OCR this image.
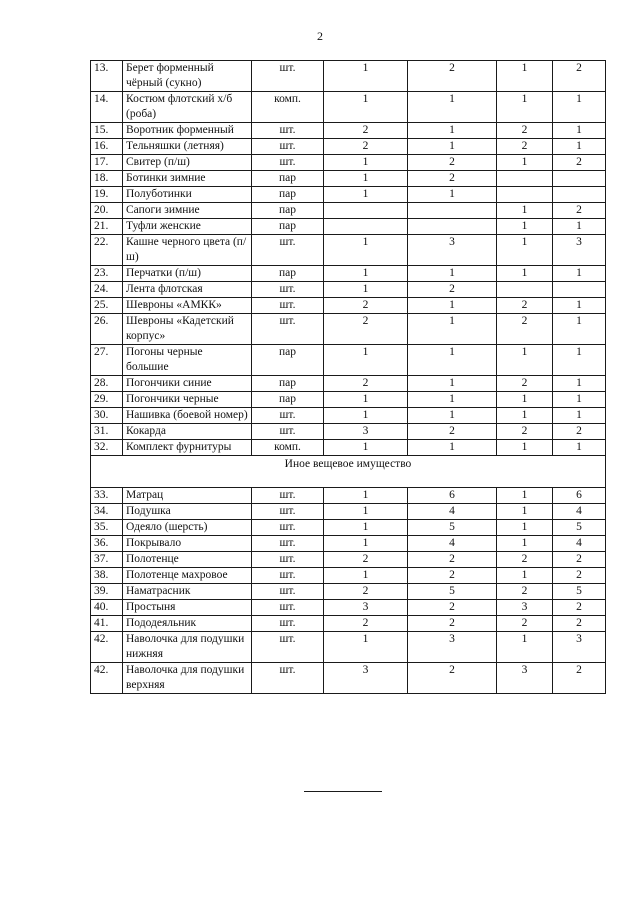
2
13.	Берет форменный чёрный (сукно)	шт.	1	2	1	2
14.	Костюм флотский х/б (роба)	комп.	1	1	1	1
15.	Воротник форменный	шт.	2	1	2	1
16.	Тельняшки (летняя)	шт.	2	1	2	1
17.	Свитер (п/ш)	шт.	1	2	1	2
18.	Ботинки зимние	пар	1	2		
19.	Полуботинки	пар	1	1		
20.	Сапоги зимние	пар			1	2
21.	Туфли женские	пар			1	1
22.	Кашне черного цвета (п/ш)	шт.	1	3	1	3
23.	Перчатки (п/ш)	пар	1	1	1	1
24.	Лента флотская	шт.	1	2		
25.	Шевроны «АМКК»	шт.	2	1	2	1
26.	Шевроны «Кадетский корпус»	шт.	2	1	2	1
27.	Погоны черные большие	пар	1	1	1	1
28.	Погончики синие	пар	2	1	2	1
29.	Погончики черные	пар	1	1	1	1
30.	Нашивка (боевой номер)	шт.	1	1	1	1
31.	Кокарда	шт.	3	2	2	2
32.	Комплект фурнитуры	комп.	1	1	1	1
Иное вещевое имущество						
33.	Матрац	шт.	1	6	1	6
34.	Подушка	шт.	1	4	1	4
35.	Одеяло (шерсть)	шт.	1	5	1	5
36.	Покрывало	шт.	1	4	1	4
37.	Полотенце	шт.	2	2	2	2
38.	Полотенце махровое	шт.	1	2	1	2
39.	Наматрасник	шт.	2	5	2	5
40.	Простыня	шт.	3	2	3	2
41.	Пододеяльник	шт.	2	2	2	2
42.	Наволочка для подушки нижняя	шт.	1	3	1	3
42.	Наволочка для подушки верхняя	шт.	3	2	3	2
